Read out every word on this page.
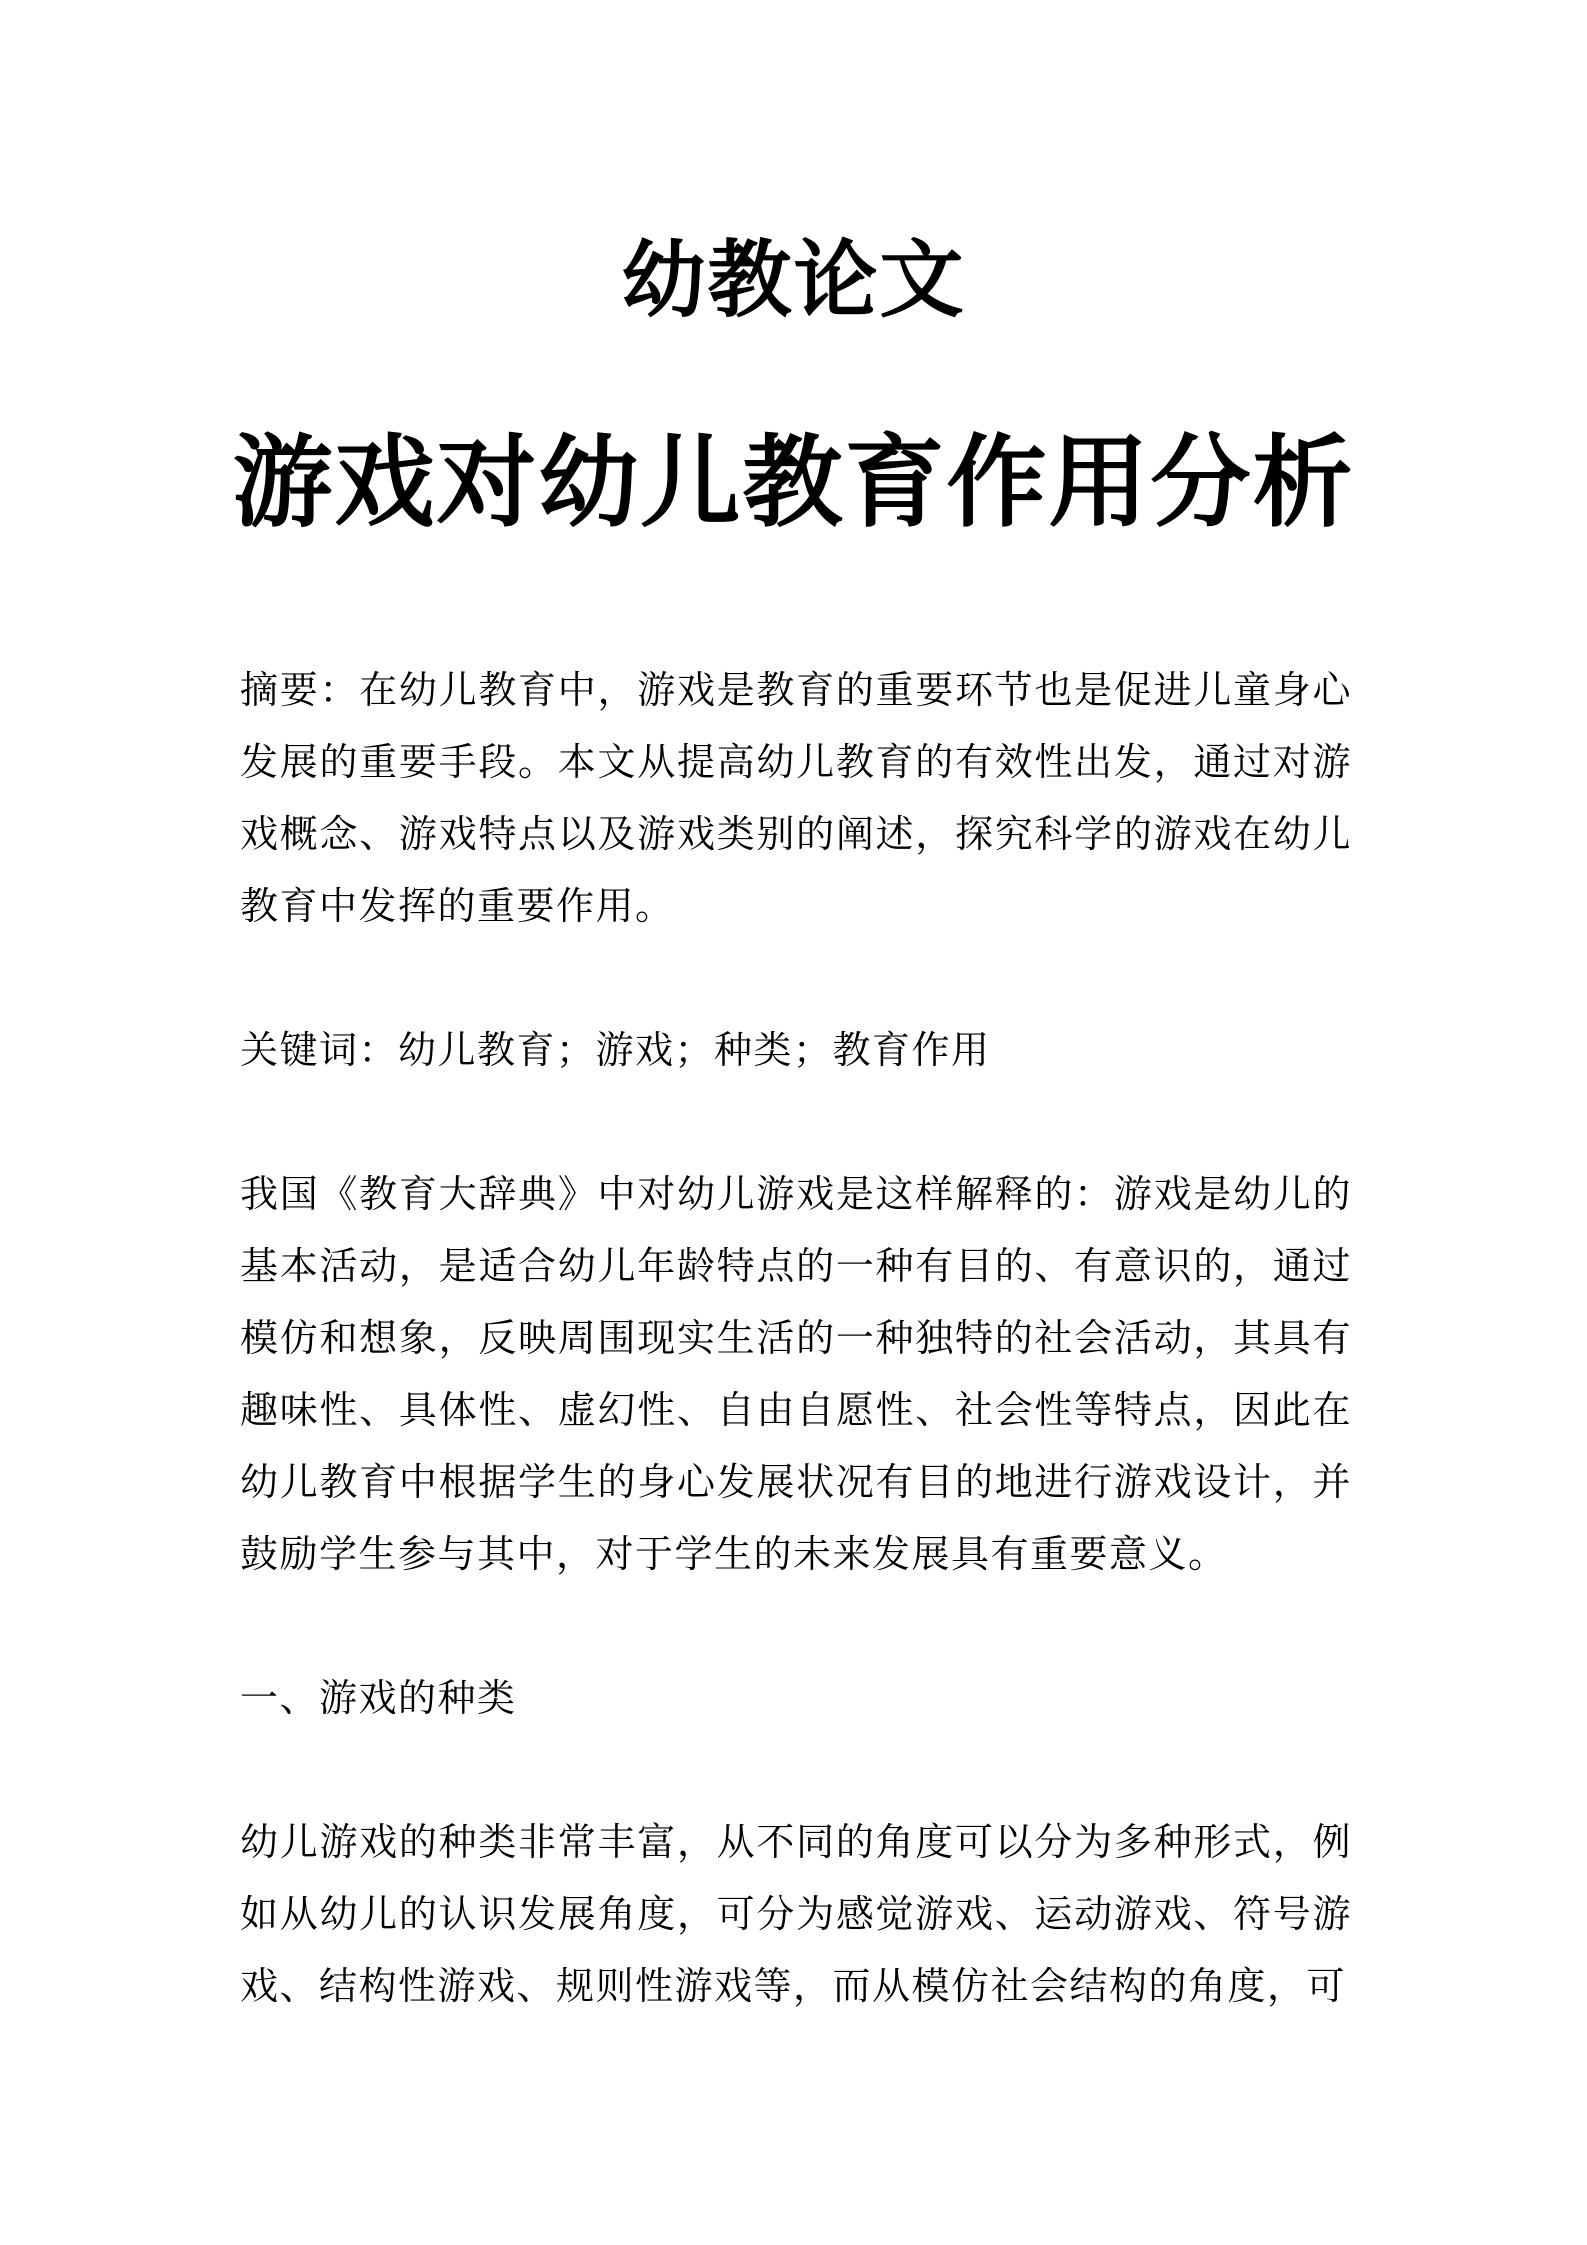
幼教论文
游戏对幼儿教育作用分析

摘要：在幼儿教育中，游戏是教育的重要环节也是促进儿童身心发展的重要手段。本文从提高幼儿教育的有效性出发，通过对游戏概念、游戏特点以及游戏类别的阐述，探究科学的游戏在幼儿教育中发挥的重要作用。

关键词：幼儿教育；游戏；种类；教育作用

我国《教育大辞典》中对幼儿游戏是这样解释的：游戏是幼儿的基本活动，是适合幼儿年龄特点的一种有目的、有意识的，通过模仿和想象，反映周围现实生活的一种独特的社会活动，其具有趣味性、具体性、虚幻性、自由自愿性、社会性等特点，因此在幼儿教育中根据学生的身心发展状况有目的地进行游戏设计，并鼓励学生参与其中，对于学生的未来发展具有重要意义。

一、游戏的种类

幼儿游戏的种类非常丰富，从不同的角度可以分为多种形式，例如从幼儿的认识发展角度，可分为感觉游戏、运动游戏、符号游戏、结构性游戏、规则性游戏等，而从模仿社会结构的角度，可
